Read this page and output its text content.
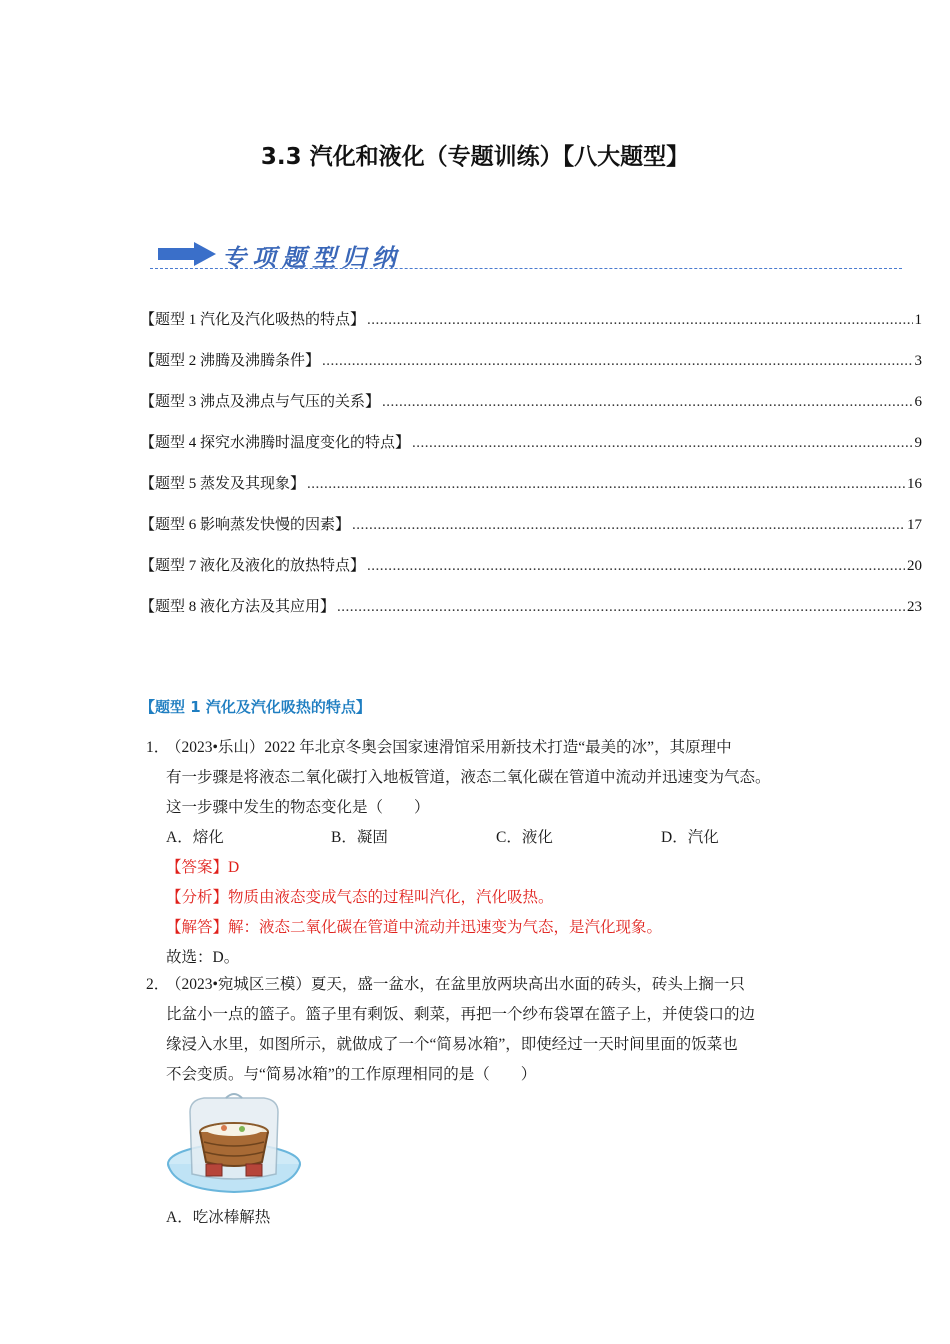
3.3 汽化和液化（专题训练）【八大题型】
专项题型归纳
【题型 1 汽化及汽化吸热的特点】 .....	1
【题型 2 沸腾及沸腾条件】 .....	3
【题型 3 沸点及沸点与气压的关系】 .....	6
【题型 4 探究水沸腾时温度变化的特点】 .....	9
【题型 5 蒸发及其现象】 .....	16
【题型 6 影响蒸发快慢的因素】 .....	17
【题型 7 液化及液化的放热特点】 .....	20
【题型 8 液化方法及其应用】 .....	23
【题型 1 汽化及汽化吸热的特点】
1．
（2023•乐山）2022 年北京冬奥会国家速滑馆采用新技术打造“最美的冰”，其原理中
有一步骤是将液态二氧化碳打入地板管道，液态二氧化碳在管道中流动并迅速变为气态。
这一步骤中发生的物态变化是（　　）
A．熔化	B．凝固	C．液化	D．汽化
【答案】D
【分析】物质由液态变成气态的过程叫汽化，汽化吸热。
【解答】解：液态二氧化碳在管道中流动并迅速变为气态，是汽化现象。
故选：D。
2．
（2023•宛城区三模）夏天，盛一盆水，在盆里放两块高出水面的砖头，砖头上搁一只
比盆小一点的篮子。篮子里有剩饭、剩菜，再把一个纱布袋罩在篮子上，并使袋口的边
缘浸入水里，如图所示，就做成了一个“简易冰箱”，即使经过一天时间里面的饭菜也
不会变质。与“简易冰箱”的工作原理相同的是（　　）
A．吃冰棒解热
